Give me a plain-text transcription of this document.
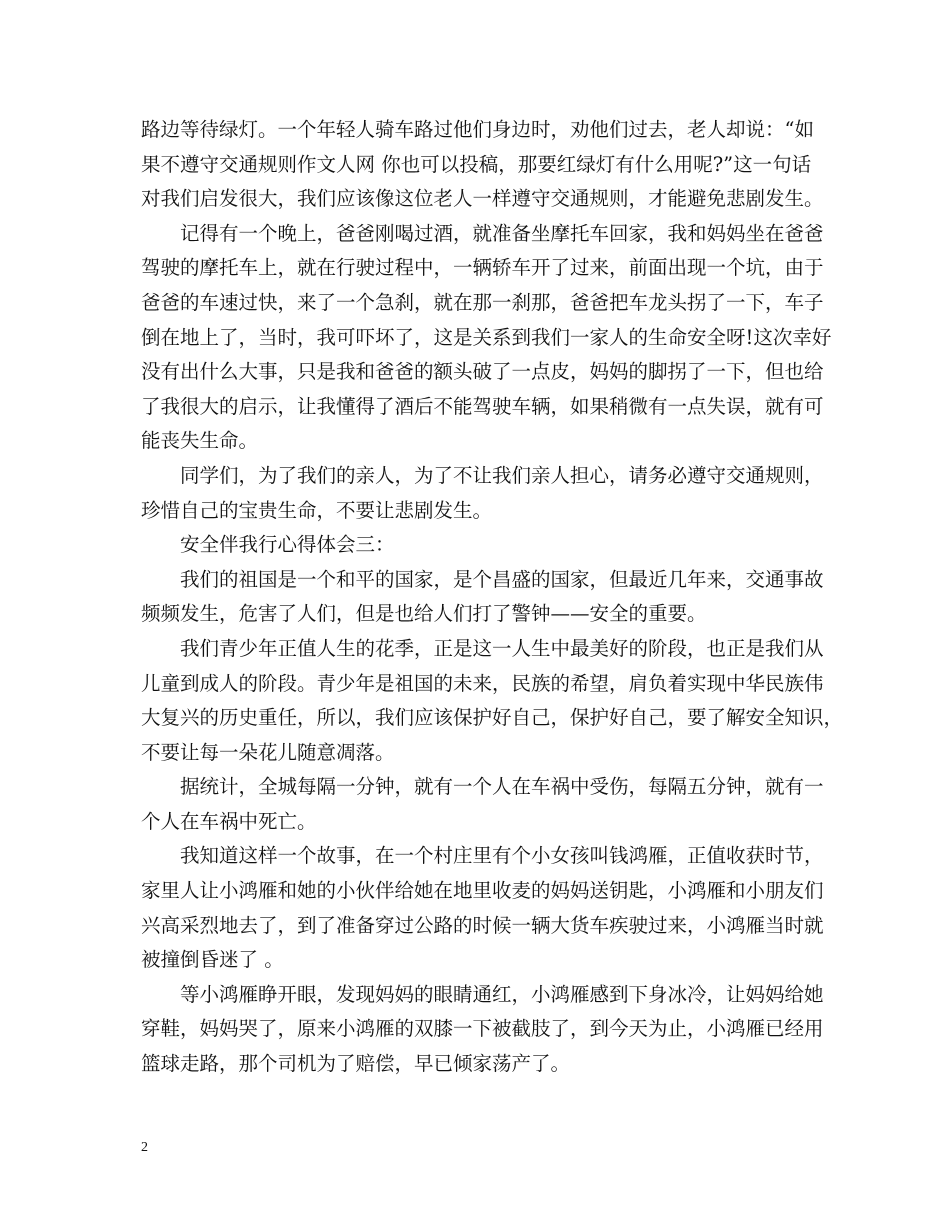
路边等待绿灯。一个年轻人骑车路过他们身边时，劝他们过去，老人却说：“如
果不遵守交通规则作文人网 你也可以投稿，那要红绿灯有什么用呢?”这一句话
对我们启发很大，我们应该像这位老人一样遵守交通规则，才能避免悲剧发生。
记得有一个晚上，爸爸刚喝过酒，就准备坐摩托车回家，我和妈妈坐在爸爸
驾驶的摩托车上，就在行驶过程中，一辆轿车开了过来，前面出现一个坑，由于
爸爸的车速过快，来了一个急刹，就在那一刹那，爸爸把车龙头拐了一下，车子
倒在地上了，当时，我可吓坏了，这是关系到我们一家人的生命安全呀!这次幸好
没有出什么大事，只是我和爸爸的额头破了一点皮，妈妈的脚拐了一下，但也给
了我很大的启示，让我懂得了酒后不能驾驶车辆，如果稍微有一点失误，就有可
能丧失生命。
同学们，为了我们的亲人，为了不让我们亲人担心，请务必遵守交通规则，
珍惜自己的宝贵生命，不要让悲剧发生。
安全伴我行心得体会三：
我们的祖国是一个和平的国家，是个昌盛的国家，但最近几年来，交通事故
频频发生，危害了人们，但是也给人们打了警钟——安全的重要。
我们青少年正值人生的花季，正是这一人生中最美好的阶段，也正是我们从
儿童到成人的阶段。青少年是祖国的未来，民族的希望，肩负着实现中华民族伟
大复兴的历史重任，所以，我们应该保护好自己，保护好自己，要了解安全知识，
不要让每一朵花儿随意凋落。
据统计，全城每隔一分钟，就有一个人在车祸中受伤，每隔五分钟，就有一
个人在车祸中死亡。
我知道这样一个故事，在一个村庄里有个小女孩叫钱鸿雁，正值收获时节，
家里人让小鸿雁和她的小伙伴给她在地里收麦的妈妈送钥匙，小鸿雁和小朋友们
兴高采烈地去了，到了准备穿过公路的时候一辆大货车疾驶过来，小鸿雁当时就
被撞倒昏迷了 。
等小鸿雁睁开眼，发现妈妈的眼睛通红，小鸿雁感到下身冰冷，让妈妈给她
穿鞋，妈妈哭了，原来小鸿雁的双膝一下被截肢了，到今天为止，小鸿雁已经用
篮球走路，那个司机为了赔偿，早已倾家荡产了。
2
